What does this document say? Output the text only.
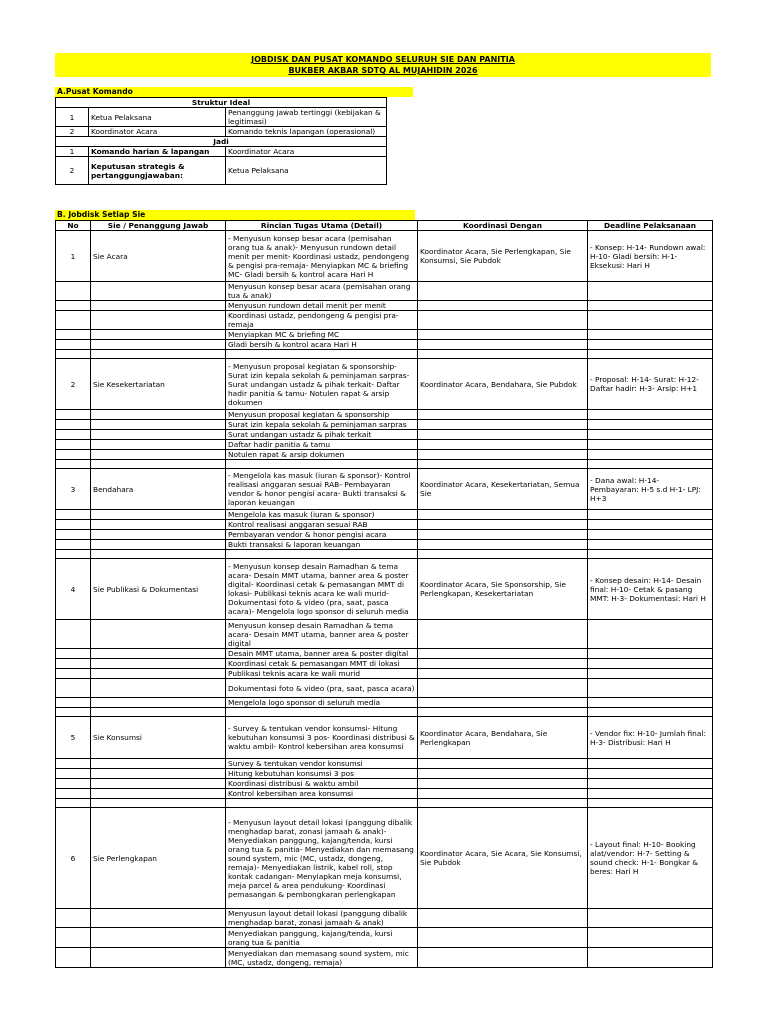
JOBDISK DAN PUSAT KOMANDO SELURUH SIE DAN PANITIA
BUKBER AKBAR SDTQ AL MUJAHIDIN 2026
A.Pusat Komando
Struktur Ideal		
1	Ketua Pelaksana	Penanggung jawab tertinggi (kebijakan & legitimasi)
2	Koordinator Acara	Komando teknis lapangan (operasional)
Jadi		
1	Komando harian & lapangan	Koordinator Acara
2	Keputusan strategis & pertanggungjawaban:	Ketua Pelaksana
B. Jobdisk Setiap Sie
No	Sie / Penanggung Jawab	Rincian Tugas Utama (Detail)	Koordinasi Dengan	Deadline Pelaksanaan
1	Sie Acara	- Menyusun konsep besar acara (pemisahan orang tua & anak)- Menyusun rundown detail menit per menit- Koordinasi ustadz, pendongeng & pengisi pra-remaja- Menyiapkan MC & briefing MC- Gladi bersih & kontrol acara Hari H	Koordinator Acara, Sie Perlengkapan, Sie Konsumsi, Sie Pubdok	- Konsep: H-14- Rundown awal: H-10- Gladi bersih: H-1- Eksekusi: Hari H
		Menyusun konsep besar acara (pemisahan orang tua & anak)		
		Menyusun rundown detail menit per menit		
		Koordinasi ustadz, pendongeng & pengisi pra-remaja		
		Menyiapkan MC & briefing MC		
		Gladi bersih & kontrol acara Hari H		

2	Sie Kesekertariatan	- Menyusun proposal kegiatan & sponsorship- Surat izin kepala sekolah & peminjaman sarpras- Surat undangan ustadz & pihak terkait- Daftar hadir panitia & tamu- Notulen rapat & arsip dokumen	Koordinator Acara, Bendahara, Sie Pubdok	- Proposal: H-14- Surat: H-12- Daftar hadir: H-3- Arsip: H+1
		Menyusun proposal kegiatan & sponsorship		
		Surat izin kepala sekolah & peminjaman sarpras		
		Surat undangan ustadz & pihak terkait		
		Daftar hadir panitia & tamu		
		Notulen rapat & arsip dokumen		

3	Bendahara	- Mengelola kas masuk (iuran & sponsor)- Kontrol realisasi anggaran sesuai RAB- Pembayaran vendor & honor pengisi acara- Bukti transaksi & laporan keuangan	Koordinator Acara, Kesekertariatan, Semua Sie	- Dana awal: H-14- Pembayaran: H-5 s.d H-1- LPJ: H+3
		Mengelola kas masuk (iuran & sponsor)		
		Kontrol realisasi anggaran sesuai RAB		
		Pembayaran vendor & honor pengisi acara		
		Bukti transaksi & laporan keuangan		

4	Sie Publikasi & Dokumentasi	- Menyusun konsep desain Ramadhan & tema acara- Desain MMT utama, banner area & poster digital- Koordinasi cetak & pemasangan MMT di lokasi- Publikasi teknis acara ke wali murid- Dokumentasi foto & video (pra, saat, pasca acara)- Mengelola logo sponsor di seluruh media	Koordinator Acara, Sie Sponsorship, Sie Perlengkapan, Kesekertariatan	- Konsep desain: H-14- Desain final: H-10- Cetak & pasang MMT: H-3- Dokumentasi: Hari H
		Menyusun konsep desain Ramadhan & tema acara- Desain MMT utama, banner area & poster digital		
		Desain MMT utama, banner area & poster digital		
		Koordinasi cetak & pemasangan MMT di lokasi		
		Publikasi teknis acara ke wali murid		
		Dokumentasi foto & video (pra, saat, pasca acara)		
		Mengelola logo sponsor di seluruh media		

5	Sie Konsumsi	- Survey & tentukan vendor konsumsi- Hitung kebutuhan konsumsi 3 pos- Koordinasi distribusi & waktu ambil- Kontrol kebersihan area konsumsi	Koordinator Acara, Bendahara, Sie Perlengkapan	- Vendor fix: H-10- Jumlah final: H-3- Distribusi: Hari H
		Survey & tentukan vendor konsumsi		
		Hitung kebutuhan konsumsi 3 pos		
		Koordinasi distribusi & waktu ambil		
		Kontrol kebersihan area konsumsi		

6	Sie Perlengkapan	- Menyusun layout detail lokasi (panggung dibalik menghadap barat, zonasi jamaah & anak)- Menyediakan panggung, kajang/tenda, kursi orang tua & panitia- Menyediakan dan memasang sound system, mic (MC, ustadz, dongeng, remaja)- Menyediakan listrik, kabel roll, stop kontak cadangan- Menyiapkan meja konsumsi, meja parcel & area pendukung- Koordinasi pemasangan & pembongkaran perlengkapan	Koordinator Acara, Sie Acara, Sie Konsumsi, Sie Pubdok	- Layout final: H-10- Booking alat/vendor: H-7- Setting & sound check: H-1- Bongkar & beres: Hari H
		Menyusun layout detail lokasi (panggung dibalik menghadap barat, zonasi jamaah & anak)		
		Menyediakan panggung, kajang/tenda, kursi orang tua & panitia		
		Menyediakan dan memasang sound system, mic (MC, ustadz, dongeng, remaja)		
